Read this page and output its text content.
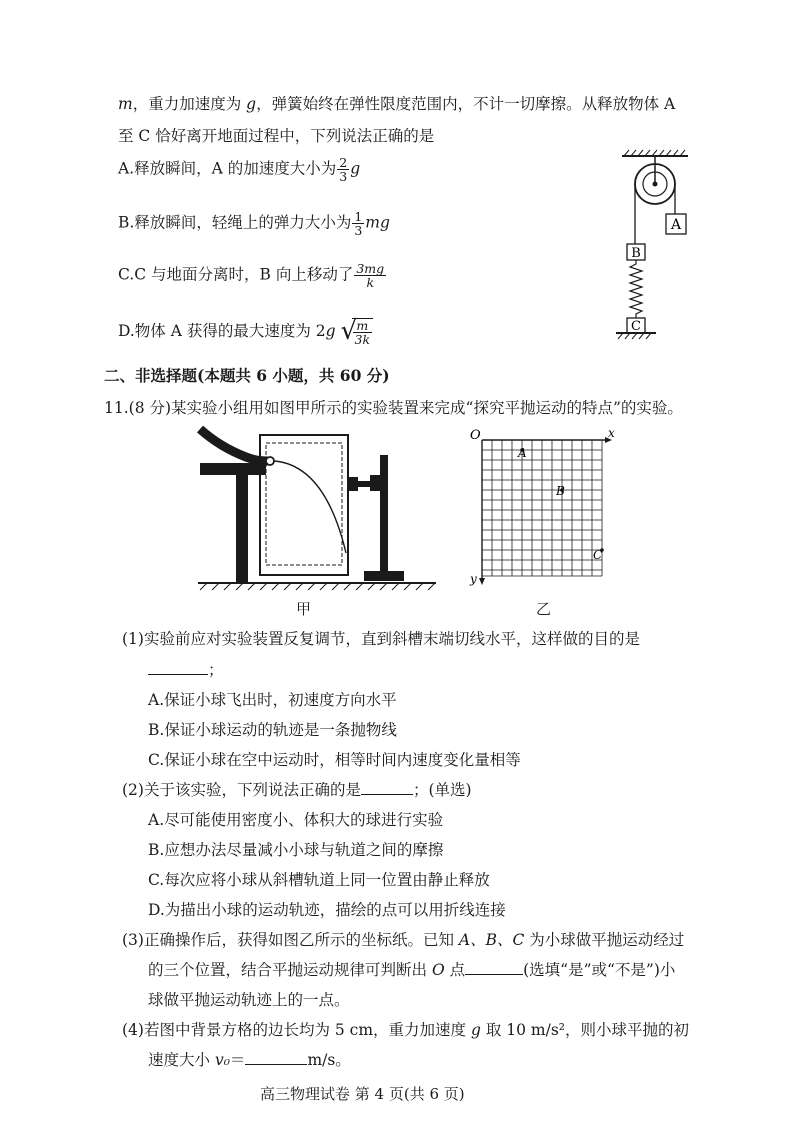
m，重力加速度为 g，弹簧始终在弹性限度范围内，不计一切摩擦。从释放物体 A
至 C 恰好离开地面过程中，下列说法正确的是
A.释放瞬间，A 的加速度大小为 $\frac{2}{3}$ g
B.释放瞬间，轻绳上的弹力大小为 $\frac{1}{3}$ mg
C.C 与地面分离时，B 向上移动了 $\frac{3mg}{k}$
D.物体 A 获得的最大速度为 2g √
$\frac{m}{3k}$
A
B
C
二、非选择题(本题共 6 小题，共 60 分)
11.(8 分)某实验小组用如图甲所示的实验装置来完成“探究平抛运动的特点”的实验。
甲
O	x
y
A
B
C
乙
(1)实验前应对实验装置反复调节，直到斜槽末端切线水平，这样做的目的是
；
A.保证小球飞出时，初速度方向水平
B.保证小球运动的轨迹是一条抛物线
C.保证小球在空中运动时，相等时间内速度变化量相等
(2)关于该实验，下列说法正确的是	；(单选)
A.尽可能使用密度小、体积大的球进行实验
B.应想办法尽量减小小球与轨道之间的摩擦
C.每次应将小球从斜槽轨道上同一位置由静止释放
D.为描出小球的运动轨迹，描绘的点可以用折线连接
(3)正确操作后，获得如图乙所示的坐标纸。已知 A、B、C 为小球做平抛运动经过
的三个位置，结合平抛运动规律可判断出 O 点	(选填“是”或“不是”)小
球做平抛运动轨迹上的一点。
(4)若图中背景方格的边长均为 5 cm，重力加速度 g 取 10 m/s²，则小球平抛的初
速度大小 v₀＝	m/s。
高三物理试卷 第 4 页(共 6 页)
